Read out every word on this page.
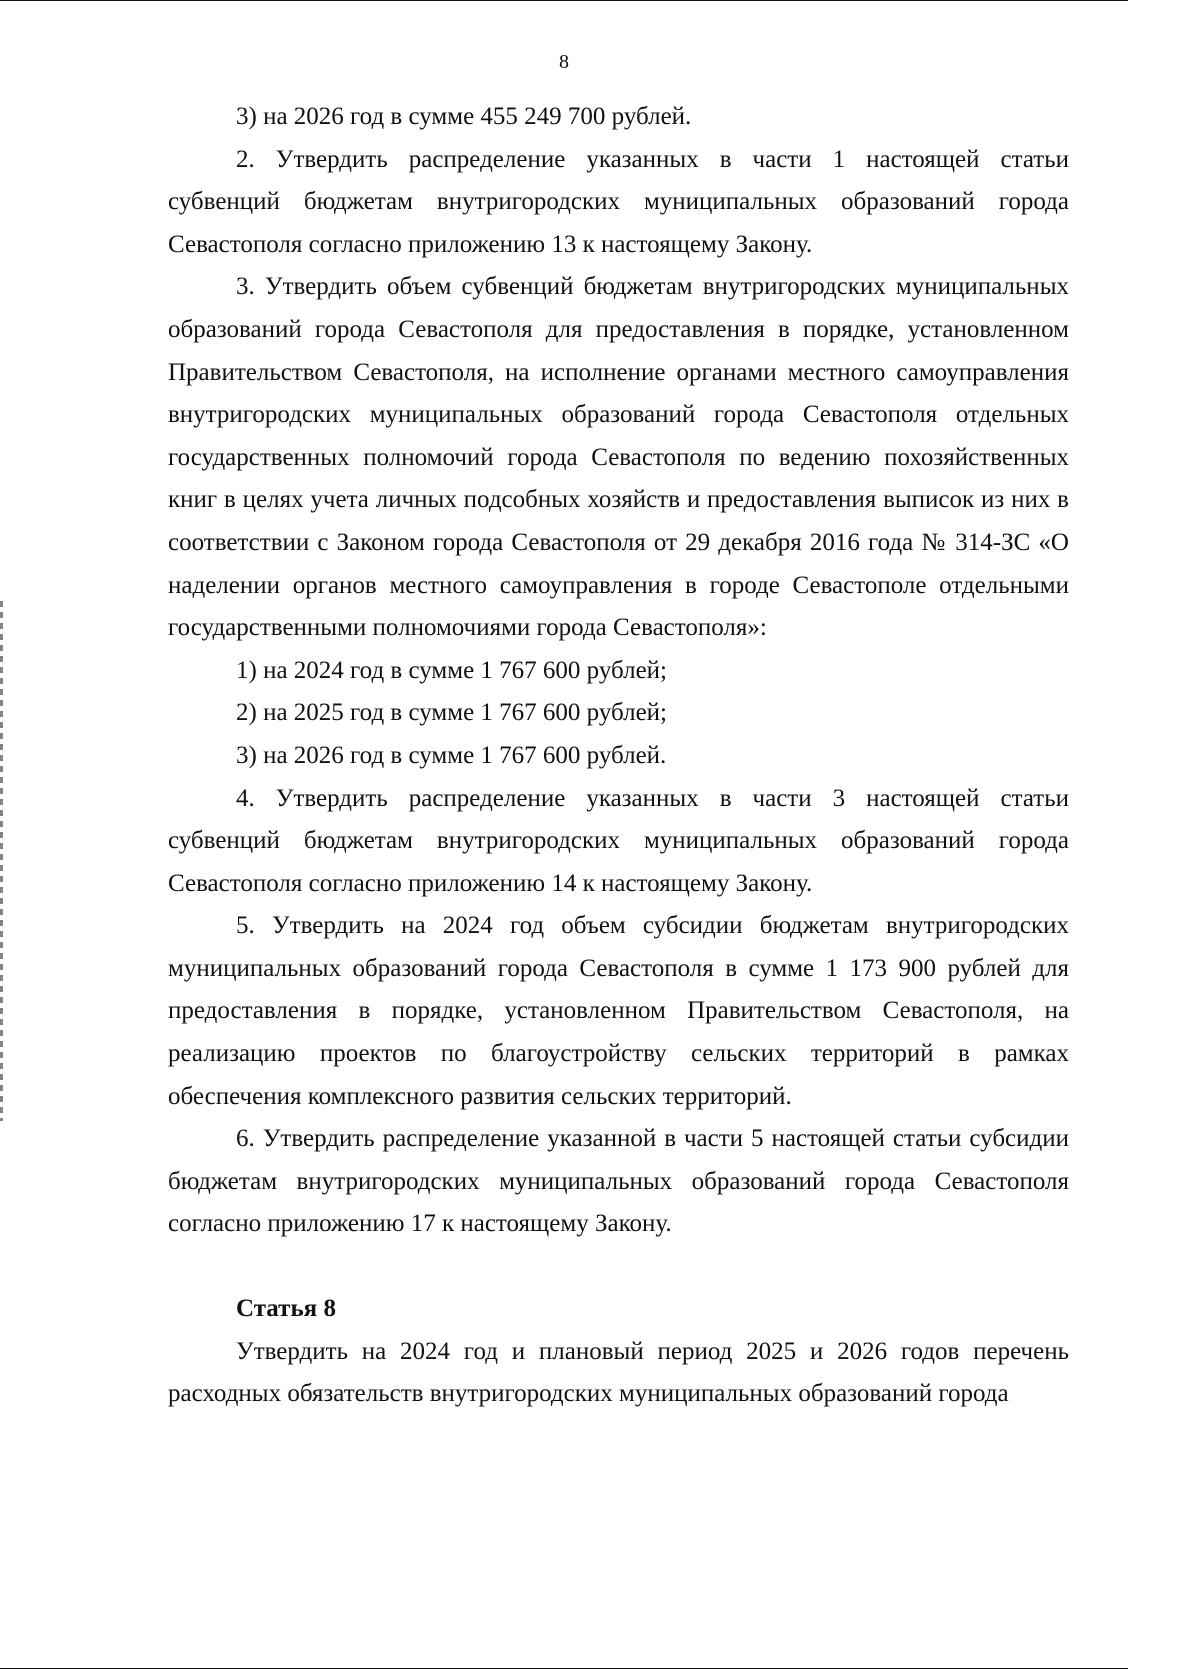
8

3) на 2026 год в сумме 455 249 700 рублей.

2. Утвердить распределение указанных в части 1 настоящей статьи субвенций бюджетам внутригородских муниципальных образований города Севастополя согласно приложению 13 к настоящему Закону.

3. Утвердить объем субвенций бюджетам внутригородских муниципальных образований города Севастополя для предоставления в порядке, установленном Правительством Севастополя, на исполнение органами местного самоуправления внутригородских муниципальных образований города Севастополя отдельных государственных полномочий города Севастополя по ведению похозяйственных книг в целях учета личных подсобных хозяйств и предоставления выписок из них в соответствии с Законом города Севастополя от 29 декабря 2016 года № 314-ЗС «О наделении органов местного самоуправления в городе Севастополе отдельными государственными полномочиями города Севастополя»:

1) на 2024 год в сумме 1 767 600 рублей;

2) на 2025 год в сумме 1 767 600 рублей;

3) на 2026 год в сумме 1 767 600 рублей.

4. Утвердить распределение указанных в части 3 настоящей статьи субвенций бюджетам внутригородских муниципальных образований города Севастополя согласно приложению 14 к настоящему Закону.

5. Утвердить на 2024 год объем субсидии бюджетам внутригородских муниципальных образований города Севастополя в сумме 1 173 900 рублей для предоставления в порядке, установленном Правительством Севастополя, на реализацию проектов по благоустройству сельских территорий в рамках обеспечения комплексного развития сельских территорий.

6. Утвердить распределение указанной в части 5 настоящей статьи субсидии бюджетам внутригородских муниципальных образований города Севастополя согласно приложению 17 к настоящему Закону.

Статья 8

Утвердить на 2024 год и плановый период 2025 и 2026 годов перечень расходных обязательств внутригородских муниципальных образований города
